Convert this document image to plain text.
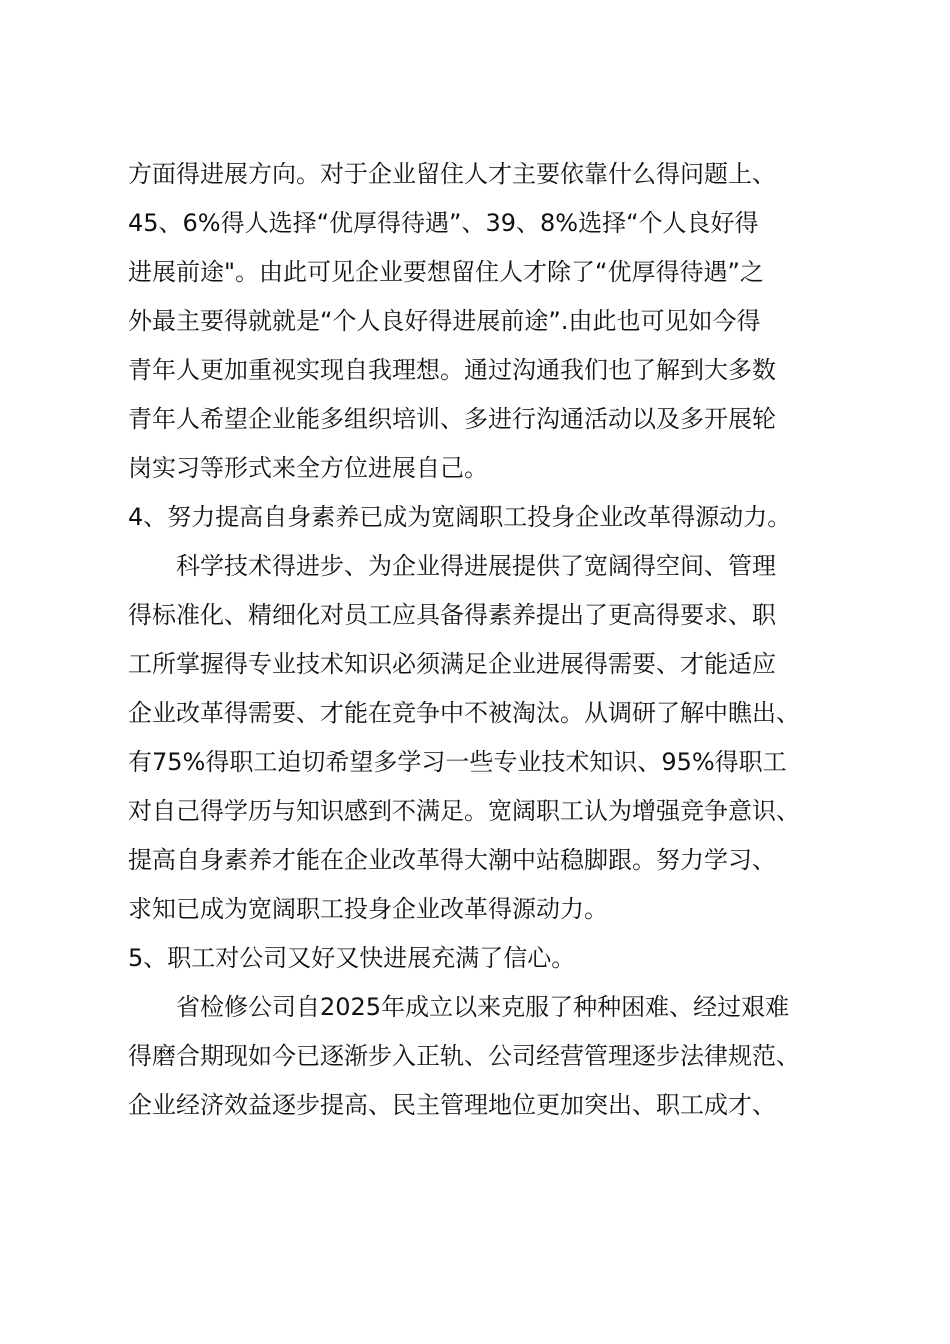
方面得进展方向。对于企业留住人才主要依靠什么得问题上、
45、6%得人选择“优厚得待遇”、39、8%选择“个人良好得
进展前途"。由此可见企业要想留住人才除了“优厚得待遇”之
外最主要得就就是“个人良好得进展前途”.由此也可见如今得
青年人更加重视实现自我理想。通过沟通我们也了解到大多数
青年人希望企业能多组织培训、多进行沟通活动以及多开展轮
岗实习等形式来全方位进展自己。
4、努力提高自身素养已成为宽阔职工投身企业改革得源动力。
科学技术得进步、为企业得进展提供了宽阔得空间、管理
得标准化、精细化对员工应具备得素养提出了更高得要求、职
工所掌握得专业技术知识必须满足企业进展得需要、才能适应
企业改革得需要、才能在竞争中不被淘汰。从调研了解中瞧出、
有75%得职工迫切希望多学习一些专业技术知识、95%得职工
对自己得学历与知识感到不满足。宽阔职工认为增强竞争意识、
提高自身素养才能在企业改革得大潮中站稳脚跟。努力学习、
求知已成为宽阔职工投身企业改革得源动力。
5、职工对公司又好又快进展充满了信心。
省检修公司自2025年成立以来克服了种种困难、经过艰难
得磨合期现如今已逐渐步入正轨、公司经营管理逐步法律规范、
企业经济效益逐步提高、民主管理地位更加突出、职工成才、
